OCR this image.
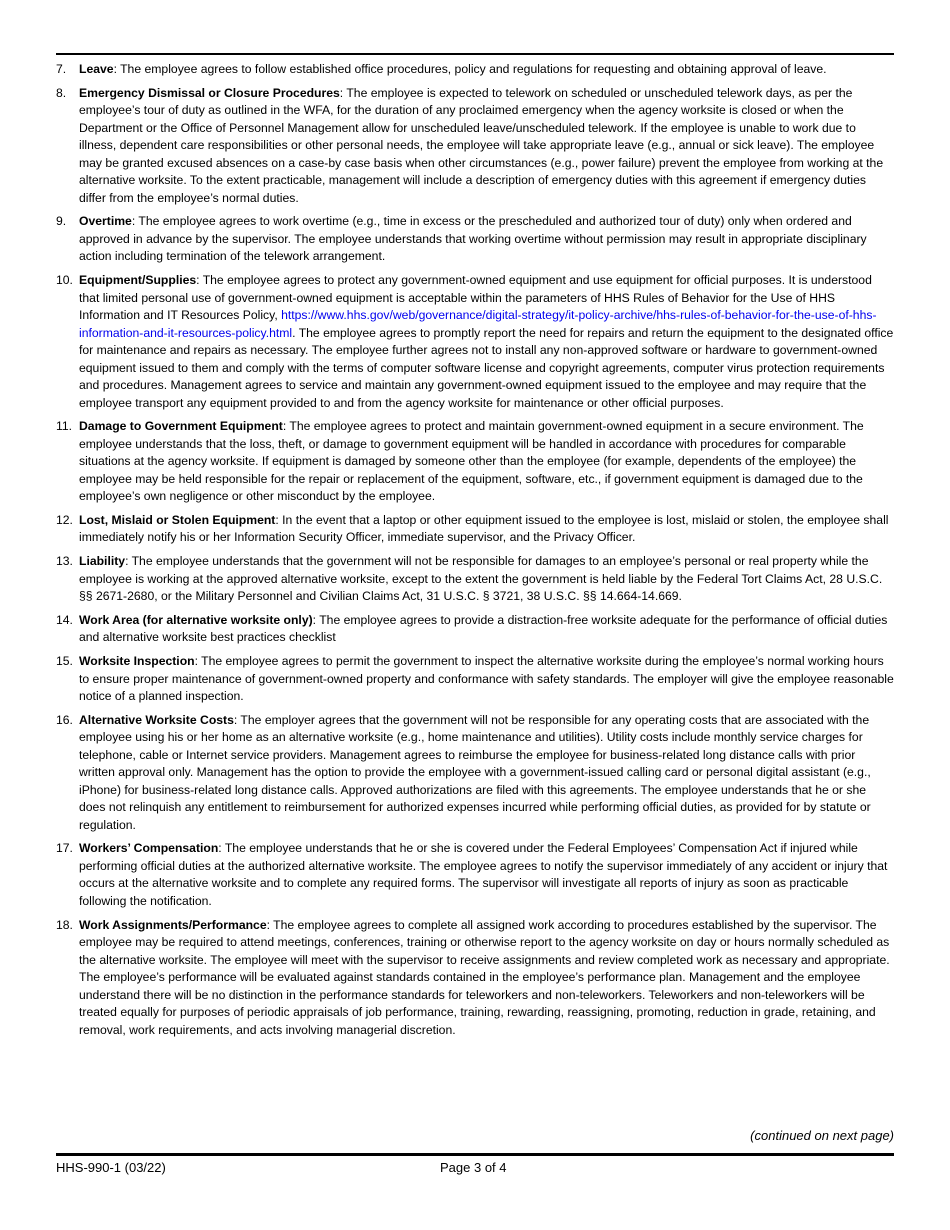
7.	Leave: The employee agrees to follow established office procedures, policy and regulations for requesting and obtaining approval of leave.
8.	Emergency Dismissal or Closure Procedures: The employee is expected to telework on scheduled or unscheduled telework days, as per the employee’s tour of duty as outlined in the WFA, for the duration of any proclaimed emergency when the agency worksite is closed or when the Department or the Office of Personnel Management allow for unscheduled leave/unscheduled telework. If the employee is unable to work due to illness, dependent care responsibilities or other personal needs, the employee will take appropriate leave (e.g., annual or sick leave). The employee may be granted excused absences on a case-by case basis when other circumstances (e.g., power failure) prevent the employee from working at the alternative worksite. To the extent practicable, management will include a description of emergency duties with this agreement if emergency duties differ from the employee’s normal duties.
9.	Overtime: The employee agrees to work overtime (e.g., time in excess or the prescheduled and authorized tour of duty) only when ordered and approved in advance by the supervisor. The employee understands that working overtime without permission may result in appropriate disciplinary action including termination of the telework arrangement.
10. Equipment/Supplies: The employee agrees to protect any government-owned equipment and use equipment for official purposes. It is understood that limited personal use of government-owned equipment is acceptable within the parameters of HHS Rules of Behavior for the Use of HHS Information and IT Resources Policy, https://www.hhs.gov/web/governance/digital-strategy/it-policy-archive/hhs-rules-of-behavior-for-the-use-of-hhs-information-and-it-resources-policy.html. The employee agrees to promptly report the need for repairs and return the equipment to the designated office for maintenance and repairs as necessary. The employee further agrees not to install any non-approved software or hardware to government-owned equipment issued to them and comply with the terms of computer software license and copyright agreements, computer virus protection requirements and procedures. Management agrees to service and maintain any government-owned equipment issued to the employee and may require that the employee transport any equipment provided to and from the agency worksite for maintenance or other official purposes.
11. Damage to Government Equipment: The employee agrees to protect and maintain government-owned equipment in a secure environment. The employee understands that the loss, theft, or damage to government equipment will be handled in accordance with procedures for comparable situations at the agency worksite. If equipment is damaged by someone other than the employee (for example, dependents of the employee) the employee may be held responsible for the repair or replacement of the equipment, software, etc., if government equipment is damaged due to the employee’s own negligence or other misconduct by the employee.
12. Lost, Mislaid or Stolen Equipment: In the event that a laptop or other equipment issued to the employee is lost, mislaid or stolen, the employee shall immediately notify his or her Information Security Officer, immediate supervisor, and the Privacy Officer.
13. Liability: The employee understands that the government will not be responsible for damages to an employee’s personal or real property while the employee is working at the approved alternative worksite, except to the extent the government is held liable by the Federal Tort Claims Act, 28 U.S.C. §§ 2671-2680, or the Military Personnel and Civilian Claims Act, 31 U.S.C. § 3721, 38 U.S.C. §§ 14.664-14.669.
14. Work Area (for alternative worksite only): The employee agrees to provide a distraction-free worksite adequate for the performance of official duties and alternative worksite best practices checklist
15. Worksite Inspection: The employee agrees to permit the government to inspect the alternative worksite during the employee’s normal working hours to ensure proper maintenance of government-owned property and conformance with safety standards. The employer will give the employee reasonable notice of a planned inspection.
16. Alternative Worksite Costs: The employer agrees that the government will not be responsible for any operating costs that are associated with the employee using his or her home as an alternative worksite (e.g., home maintenance and utilities). Utility costs include monthly service charges for telephone, cable or Internet service providers. Management agrees to reimburse the employee for business-related long distance calls with prior written approval only. Management has the option to provide the employee with a government-issued calling card or personal digital assistant (e.g., iPhone) for business-related long distance calls. Approved authorizations are filed with this agreements. The employee understands that he or she does not relinquish any entitlement to reimbursement for authorized expenses incurred while performing official duties, as provided for by statute or regulation.
17. Workers’ Compensation: The employee understands that he or she is covered under the Federal Employees’ Compensation Act if injured while performing official duties at the authorized alternative worksite. The employee agrees to notify the supervisor immediately of any accident or injury that occurs at the alternative worksite and to complete any required forms. The supervisor will investigate all reports of injury as soon as practicable following the notification.
18. Work Assignments/Performance: The employee agrees to complete all assigned work according to procedures established by the supervisor. The employee may be required to attend meetings, conferences, training or otherwise report to the agency worksite on day or hours normally scheduled as the alternative worksite. The employee will meet with the supervisor to receive assignments and review completed work as necessary and appropriate. The employee’s performance will be evaluated against standards contained in the employee’s performance plan. Management and the employee understand there will be no distinction in the performance standards for teleworkers and non-teleworkers. Teleworkers and non-teleworkers will be treated equally for purposes of periodic appraisals of job performance, training, rewarding, reassigning, promoting, reduction in grade, retaining, and removal, work requirements, and acts involving managerial discretion.
(continued on next page)
HHS-990-1 (03/22)	Page 3 of 4
